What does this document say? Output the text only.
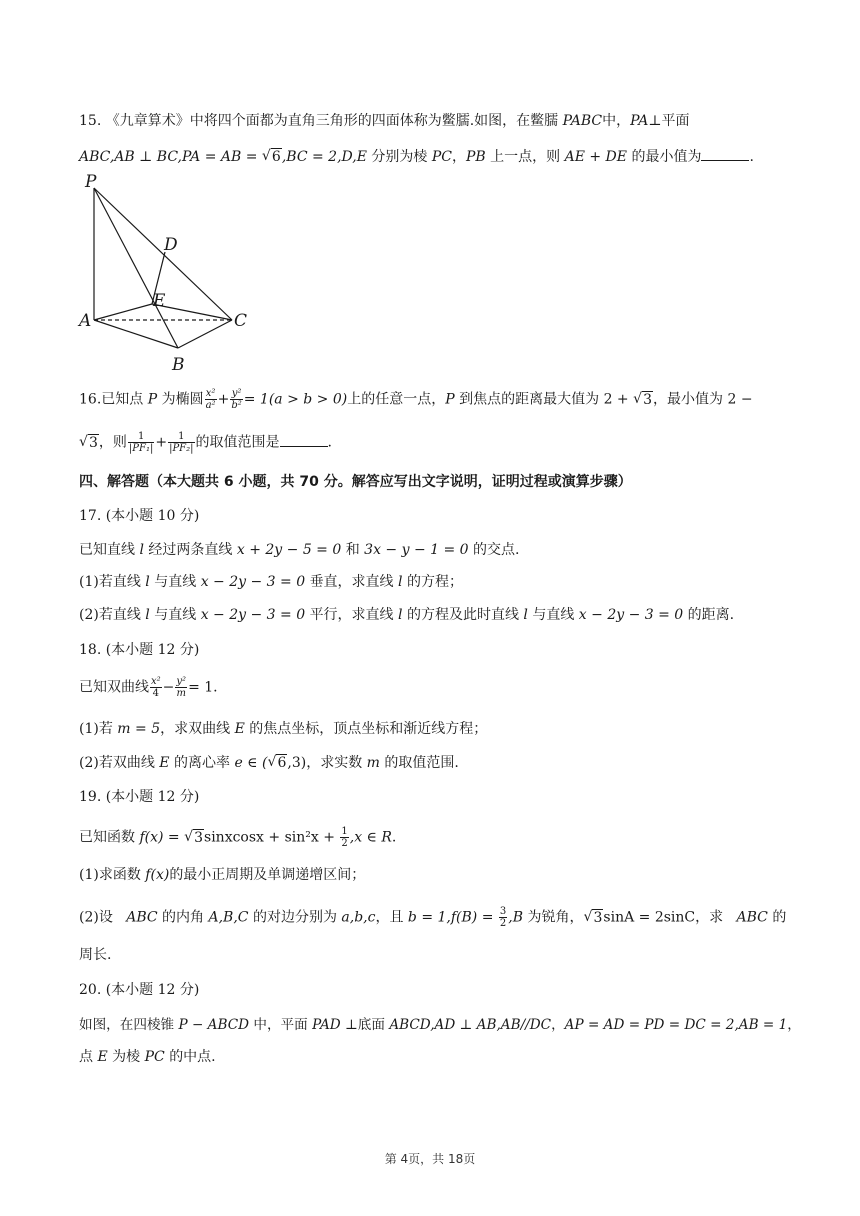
15. 《九章算术》中将四个面都为直角三角形的四面体称为鳖臑.如图，在鳖臑 PABC中，PA⊥平面
ABC,AB ⊥ BC,PA = AB = √ 6,BC = 2,D,E 分别为棱 PC，PB 上一点，则 AE + DE 的最小值为	.
P
D
E
A	C
B
16.已知点 P 为椭圆 $\frac{\text{x²}}{\text{a²}} + \frac{\text{y²}}{\text{b²}} = 1(a > b > 0)$上的任意一点，P 到焦点的距离最大值为 2 + √ 3，最小值为 2 −
√ 3，则 $\frac{1}{\text{|PF₁|}} + \frac{1}{\text{|PF₂|}}$ 的取值范围是	.
四、解答题（本大题共 6 小题，共 70 分。解答应写出文字说明，证明过程或演算步骤）
17. (本小题 10 分)
已知直线 l 经过两条直线 x + 2y − 5 = 0 和 3x − y − 1 = 0 的交点.
(1)若直线 l 与直线 x − 2y − 3 = 0 垂直，求直线 l 的方程；
(2)若直线 l 与直线 x − 2y − 3 = 0 平行，求直线 l 的方程及此时直线 l 与直线 x − 2y − 3 = 0 的距离.
18. (本小题 12 分)
已知双曲线 $\frac{\text{x²}}{4} - \frac{\text{y²}}{m} = 1$.
(1)若 m = 5，求双曲线 E 的焦点坐标，顶点坐标和渐近线方程；
(2)若双曲线 E 的离心率 e ∈ ( √ 6,3)，求实数 m 的取值范围.
19. (本小题 12 分)
已知函数 f(x) = √ 3sinxcosx + $\sin^2x + \frac{1}{2} ,x$ ∈ R.
(1)求函数 f(x)的最小正周期及单调递增区间；
(2)设 ABC 的内角 A,B,C 的对边分别为 a,b,c，且 $b = 1,f(B) = \frac{3}{2} ,B$ 为锐角， √ 3sinA = 2sinC，求 ABC 的
周长.
20. (本小题 12 分)
如图，在四棱锥 P − ABCD 中，平面 PAD ⊥底面 ABCD,AD ⊥ AB,AB//DC，AP = AD = PD = DC = 2,AB = 1，
点 E 为棱 PC 的中点.
第 4页，共 18页
